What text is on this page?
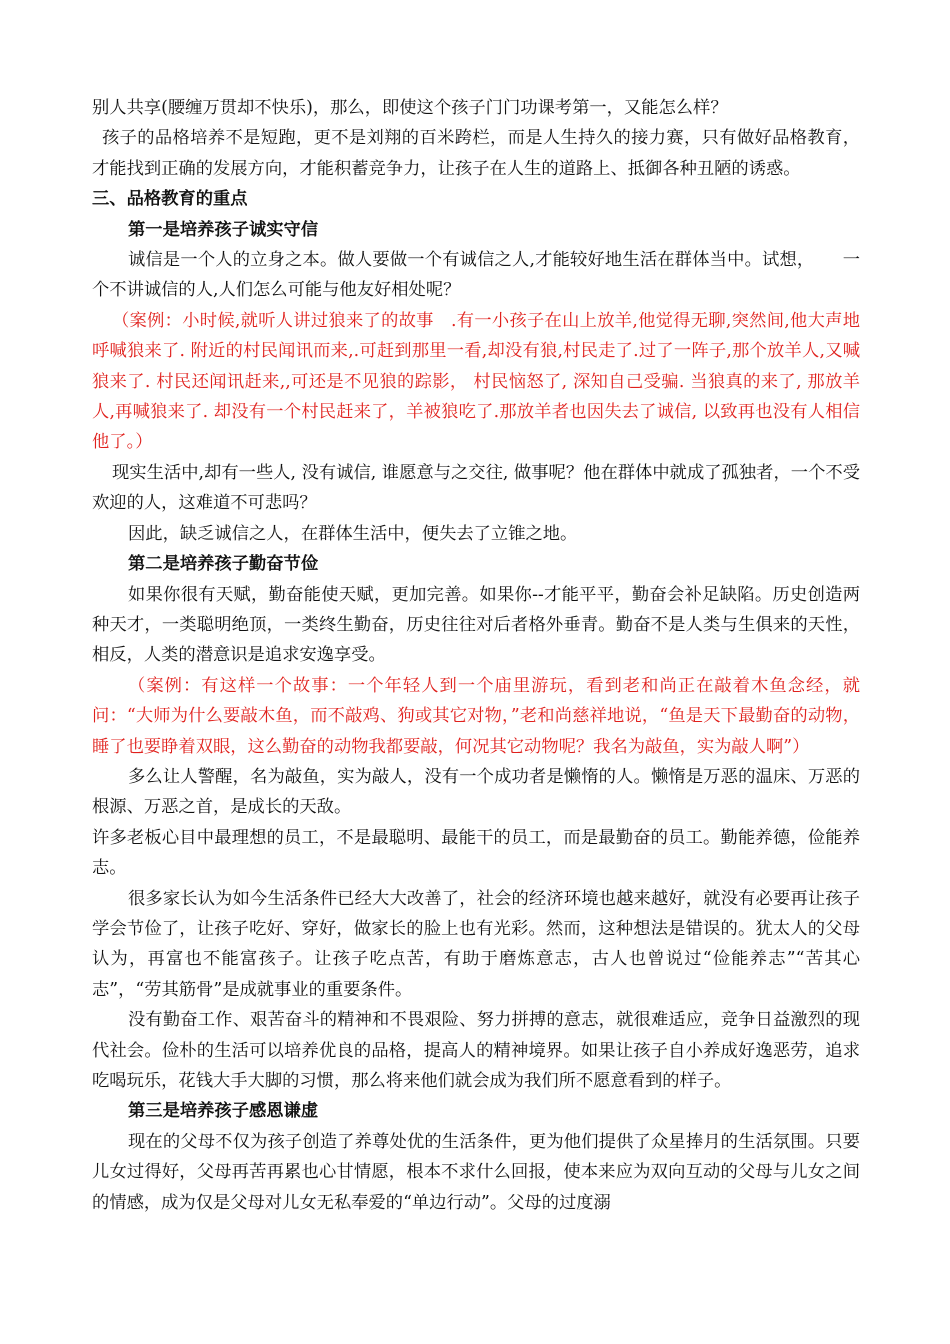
别人共享(腰缠万贯却不快乐)，那么，即使这个孩子门门功课考第一，又能怎么样？

孩子的品格培养不是短跑，更不是刘翔的百米跨栏，而是人生持久的接力赛，只有做好品格教育，才能找到正确的发展方向，才能积蓄竞争力，让孩子在人生的道路上、抵御各种丑陋的诱惑。

三、品格教育的重点

第一是培养孩子诚实守信

诚信是一个人的立身之本。做人要做一个有诚信之人,才能较好地生活在群体当中。试想，     一个不讲诚信的人,人们怎么可能与他友好相处呢？

（案例：小时候,就听人讲过狼来了的故事   .有一小孩子在山上放羊,他觉得无聊,突然间,他大声地呼喊狼来了. 附近的村民闻讯而来,.可赶到那里一看,却没有狼,村民走了.过了一阵子,那个放羊人,又喊      狼来了. 村民还闻讯赶来,,可还是不见狼的踪影， 村民恼怒了, 深知自己受骗. 当狼真的来了, 那放羊人,再喊狼来了. 却没有一个村民赶来了，羊被狼吃了.那放羊者也因失去了诚信, 以致再也没有人相信他了。）

现实生活中,却有一些人, 没有诚信, 谁愿意与之交往, 做事呢？他在群体中就成了孤独者，一个不受欢迎的人，这难道不可悲吗？

因此，缺乏诚信之人，在群体生活中，便失去了立锥之地。

第二是培养孩子勤奋节俭

如果你很有天赋，勤奋能使天赋，更加完善。如果你--才能平平，勤奋会补足缺陷。历史创造两种天才，一类聪明绝顶，一类终生勤奋，历史往往对后者格外垂青。勤奋不是人类与生俱来的天性，相反，人类的潜意识是追求安逸享受。

（案例：有这样一个故事：一个年轻人到一个庙里游玩，看到老和尚正在敲着木鱼念经，就问：“大师为什么要敲木鱼，而不敲鸡、狗或其它对物，”老和尚慈祥地说，“鱼是天下最勤奋的动物，睡了也要睁着双眼，这么勤奋的动物我都要敲，何况其它动物呢？我名为敲鱼，实为敲人啊”）

多么让人警醒，名为敲鱼，实为敲人，没有一个成功者是懒惰的人。懒惰是万恶的温床、万恶的根源、万恶之首，是成长的天敌。

许多老板心目中最理想的员工，不是最聪明、最能干的员工，而是最勤奋的员工。勤能养德，俭能养志。

很多家长认为如今生活条件已经大大改善了，社会的经济环境也越来越好，就没有必要再让孩子学会节俭了，让孩子吃好、穿好，做家长的脸上也有光彩。然而，这种想法是错误的。犹太人的父母认为，再富也不能富孩子。让孩子吃点苦，有助于磨炼意志，古人也曾说过“俭能养志”“苦其心志”，“劳其筋骨”是成就事业的重要条件。

没有勤奋工作、艰苦奋斗的精神和不畏艰险、努力拼搏的意志，就很难适应，竞争日益激烈的现代社会。俭朴的生活可以培养优良的品格，提高人的精神境界。如果让孩子自小养成好逸恶劳，追求吃喝玩乐，花钱大手大脚的习惯，那么将来他们就会成为我们所不愿意看到的样子。

第三是培养孩子感恩谦虚

现在的父母不仅为孩子创造了养尊处优的生活条件，更为他们提供了众星捧月的生活氛围。只要儿女过得好，父母再苦再累也心甘情愿，根本不求什么回报，使本来应为双向互动的父母与儿女之间的情感，成为仅是父母对儿女无私奉爱的“单边行动”。父母的过度溺
